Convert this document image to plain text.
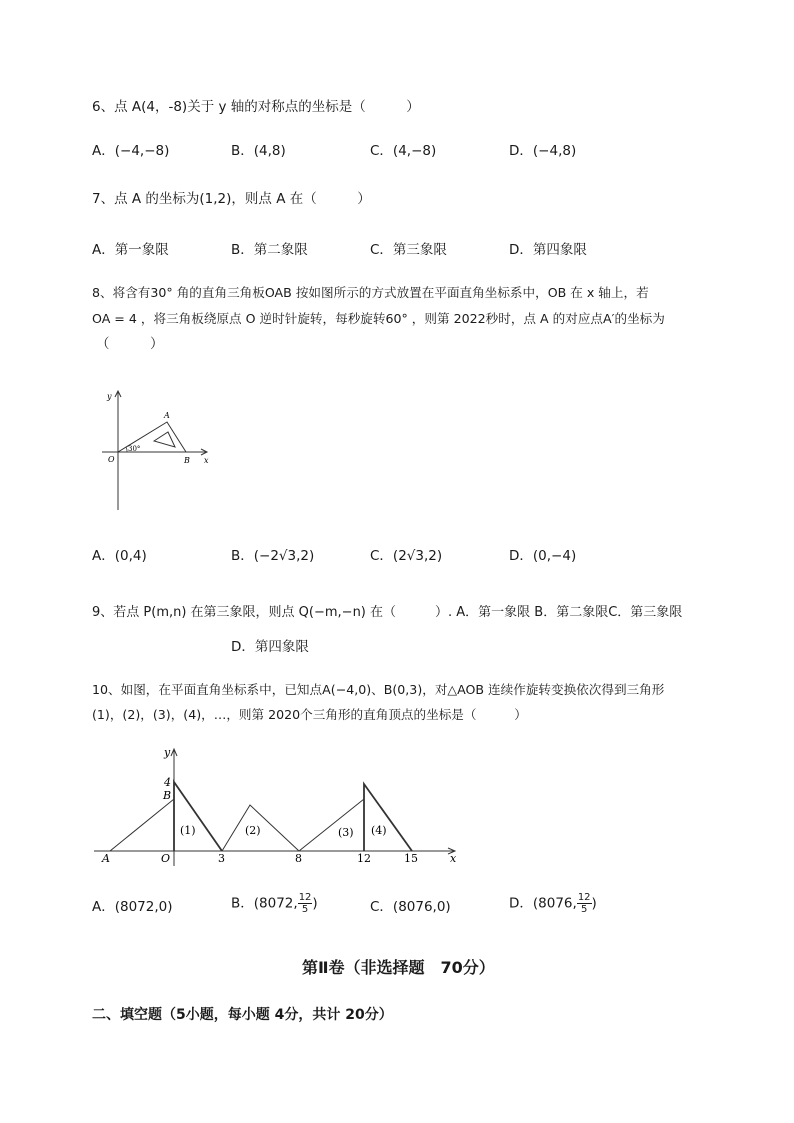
6、点 A(4，-8)关于 y 轴的对称点的坐标是（　　　）
A．(−4,−8)	B．(4,8)	C．(4,−8)	D．(−4,8)
7、点 A 的坐标为(1,2)，则点 A 在（　　　）
A．第一象限	B．第二象限	C．第三象限	D．第四象限
8、将含有30° 角的直角三角板OAB 按如图所示的方式放置在平面直角坐标系中，OB 在 x 轴上，若
OA = 4 ，将三角板绕原点 O 逆时针旋转，每秒旋转60° ，则第 2022秒时，点 A 的对应点A′的坐标为
（　　　）
y
x
O
A
B
30°
A．(0,4)	B．(−2√3,2)	C．(2√3,2)	D．(0,−4)
9、若点 P(m,n) 在第三象限，则点 Q(−m,−n) 在（　　　）. A．第一象限 B．第二象限C．第三象限
D．第四象限
10、如图，在平面直角坐标系中，已知点A(−4,0)、B(0,3)，对△AOB 连续作旋转变换依次得到三角形
(1)，(2)，(3)，(4)，…，则第 2020个三角形的直角顶点的坐标是（　　　）
y
x
4
B
A	O	3	8	12	15
(1)	(2)	(3) (4)
A．(8072,0)	B．(8072, $\frac{12}{5}$ )	C．(8076,0)	D．(8076, $\frac{12}{5}$ )
第Ⅱ卷（非选择题　70分）
二、填空题（5小题，每小题 4分，共计 20分）
